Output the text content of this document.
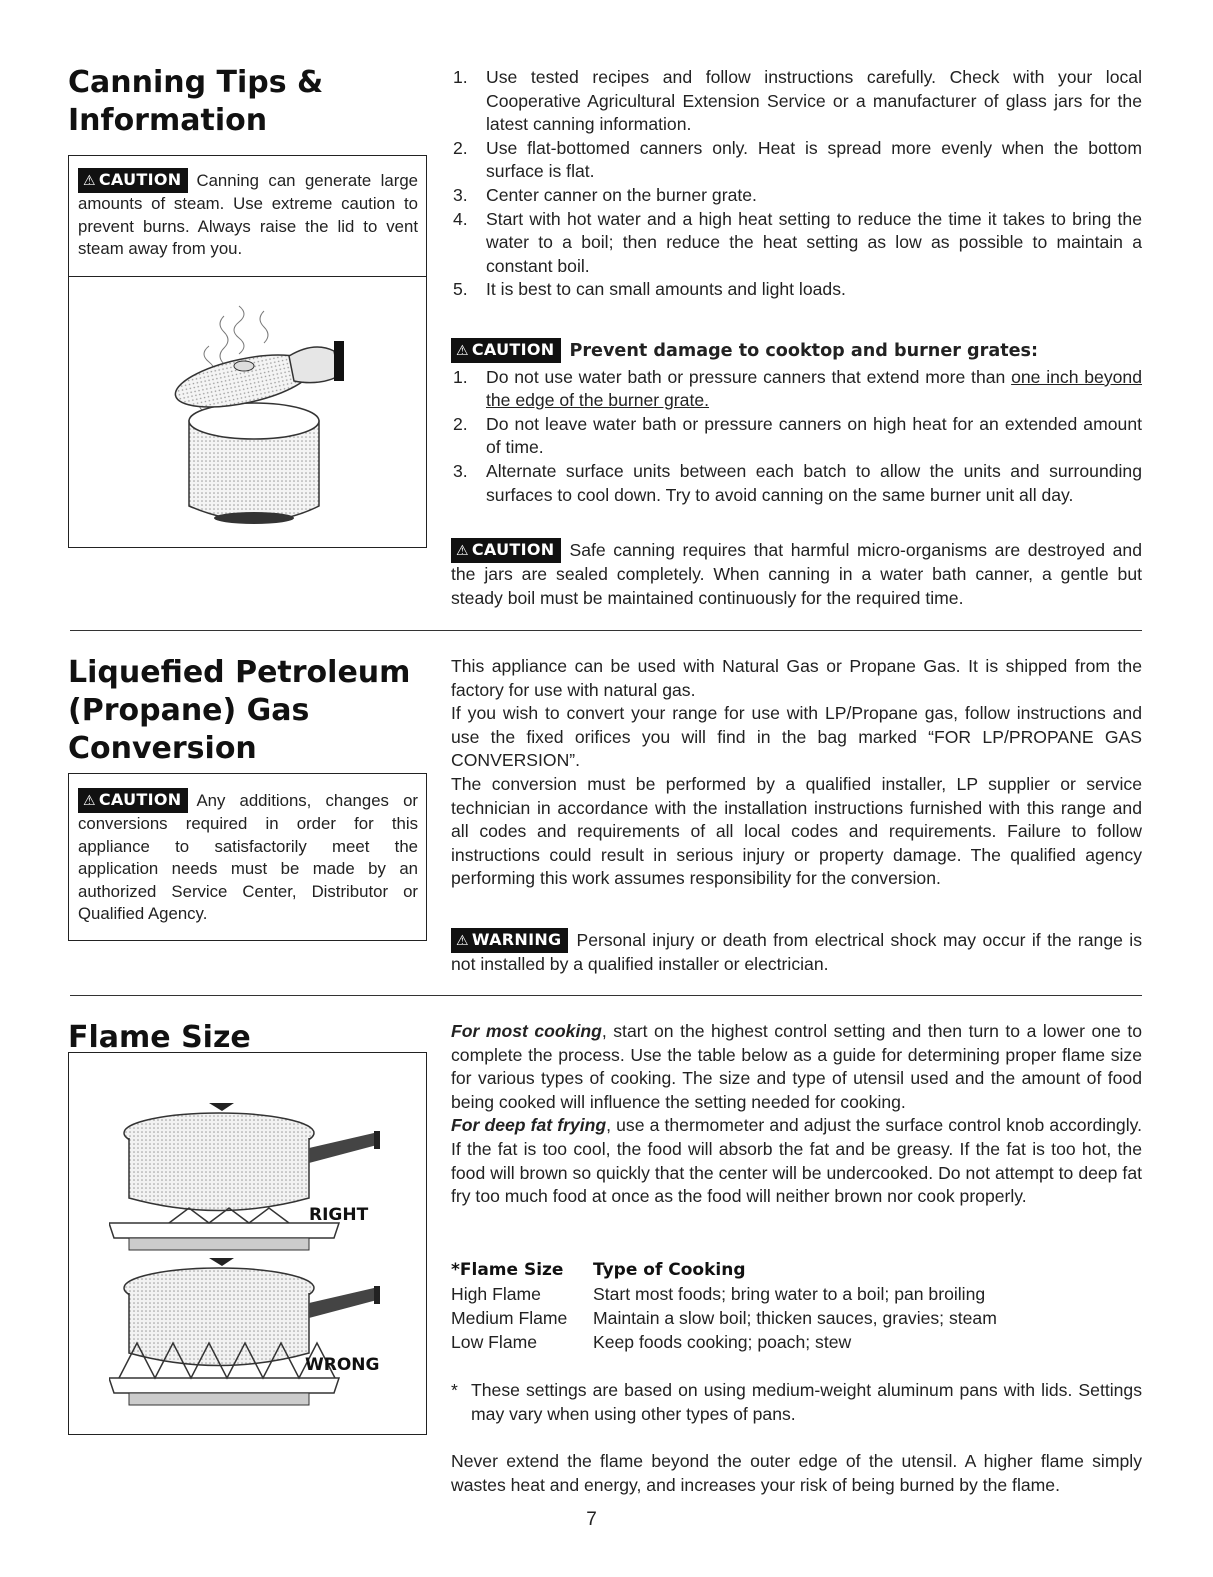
Canning Tips &
Information
⚠ CAUTION Canning can generate large amounts of steam. Use extreme caution to prevent burns. Always raise the lid to vent steam away from you.
1. Use tested recipes and follow instructions carefully. Check with your local Cooperative Agricultural Extension Service or a manufacturer of glass jars for the latest canning information.
2. Use flat-bottomed canners only. Heat is spread more evenly when the bottom surface is flat.
3. Center canner on the burner grate.
4. Start with hot water and a high heat setting to reduce the time it takes to bring the water to a boil; then reduce the heat setting as low as possible to maintain a constant boil.
5. It is best to can small amounts and light loads.
⚠ CAUTION Prevent damage to cooktop and burner grates:
1. Do not use water bath or pressure canners that extend more than one inch beyond the edge of the burner grate.
2. Do not leave water bath or pressure canners on high heat for an extended amount of time.
3. Alternate surface units between each batch to allow the units and surrounding surfaces to cool down. Try to avoid canning on the same burner unit all day.
⚠ CAUTION Safe canning requires that harmful micro-organisms are destroyed and the jars are sealed completely. When canning in a water bath canner, a gentle but steady boil must be maintained continuously for the required time.
Liquefied Petroleum
(Propane) Gas
Conversion
⚠ CAUTION Any additions, changes or conversions required in order for this appliance to satisfactorily meet the application needs must be made by an authorized Service Center, Distributor or Qualified Agency.
This appliance can be used with Natural Gas or Propane Gas. It is shipped from the factory for use with natural gas.
If you wish to convert your range for use with LP/Propane gas, follow instructions and use the fixed orifices you will find in the bag marked “FOR LP/PROPANE GAS CONVERSION”.
The conversion must be performed by a qualified installer, LP supplier or service technician in accordance with the installation instructions furnished with this range and all codes and requirements of all local codes and requirements. Failure to follow instructions could result in serious injury or property damage. The qualified agency performing this work assumes responsibility for the conversion.
⚠ WARNING Personal injury or death from electrical shock may occur if the range is not installed by a qualified installer or electrician.
Flame Size
RIGHT
WRONG
For most cooking, start on the highest control setting and then turn to a lower one to complete the process. Use the table below as a guide for determining proper flame size for various types of cooking. The size and type of utensil used and the amount of food being cooked will influence the setting needed for cooking.
For deep fat frying, use a thermometer and adjust the surface control knob accordingly. If the fat is too cool, the food will absorb the fat and be greasy. If the fat is too hot, the food will brown so quickly that the center will be undercooked. Do not attempt to deep fat fry too much food at once as the food will neither brown nor cook properly.
*Flame Size	Type of Cooking
High Flame	Start most foods; bring water to a boil; pan broiling
Medium Flame	Maintain a slow boil; thicken sauces, gravies; steam
Low Flame	Keep foods cooking; poach; stew
* These settings are based on using medium-weight aluminum pans with lids. Settings may vary when using other types of pans.
Never extend the flame beyond the outer edge of the utensil. A higher flame simply wastes heat and energy, and increases your risk of being burned by the flame.
7
